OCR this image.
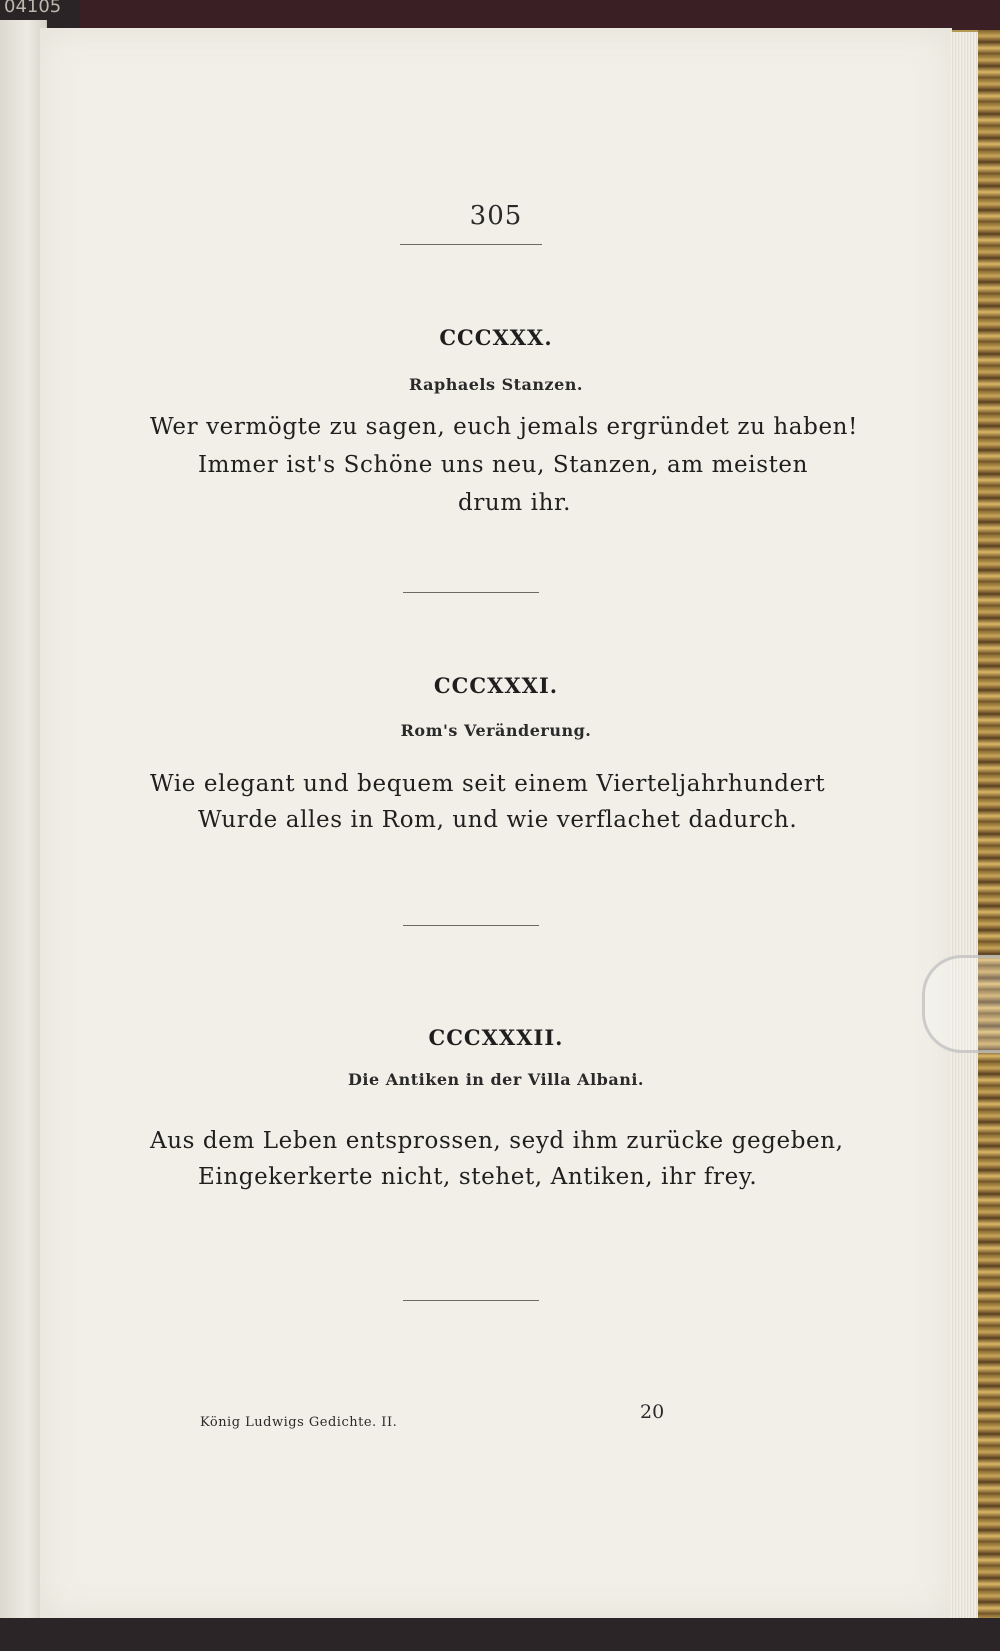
04105
305
CCCXXX.
Raphaels Stanzen.
Wer vermögte zu sagen, euch jemals ergründet zu haben!
Immer ist's Schöne uns neu, Stanzen, am meisten
drum ihr.
CCCXXXI.
Rom's Veränderung.
Wie elegant und bequem seit einem Vierteljahrhundert
Wurde alles in Rom, und wie verflachet dadurch.
CCCXXXII.
Die Antiken in der Villa Albani.
Aus dem Leben entsprossen, seyd ihm zurücke gegeben,
Eingekerkerte nicht, stehet, Antiken, ihr frey.
König Ludwigs Gedichte. II.	20
